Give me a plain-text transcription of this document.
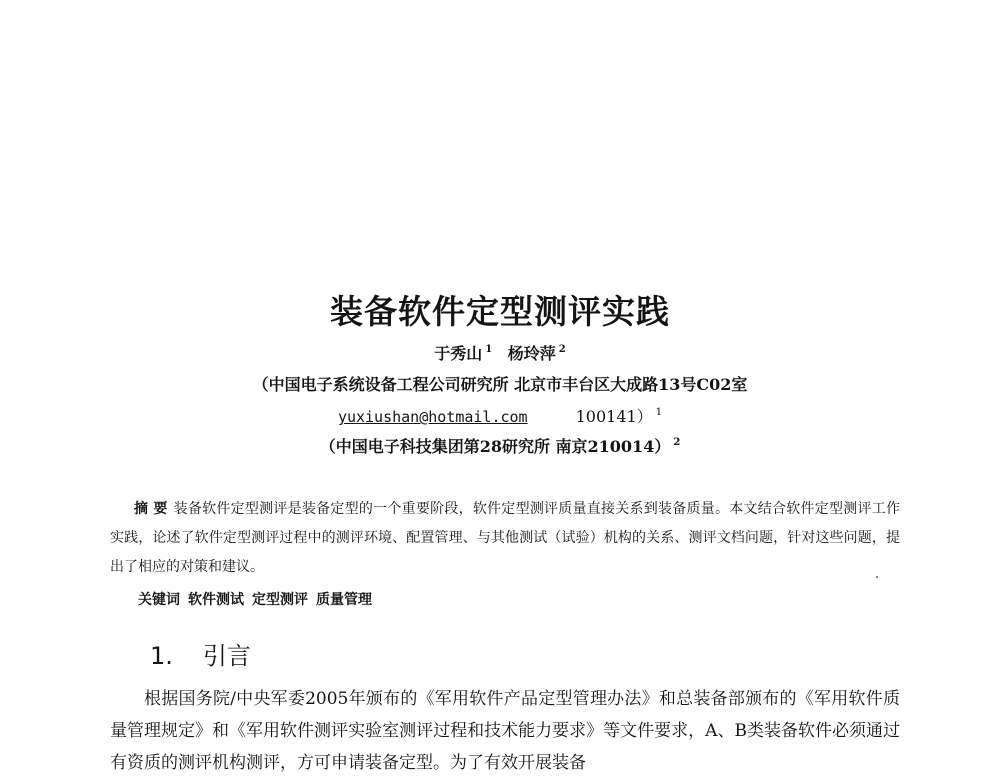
装备软件定型测评实践
于秀山 $^1$ 杨玲萍 $^2$
（中国电子系统设备工程公司研究所 北京市丰台区大成路13号C02室
yuxiushan@hotmail.com	100141） $^1$
（中国电子科技集团第28研究所 南京210014） $^2$
摘 要 装备软件定型测评是装备定型的一个重要阶段，软件定型测评质量直接关系到装备质量。本文结合软件定型测评工作实践，论述了软件定型测评过程中的测评环境、配置管理、与其他测试（试验）机构的关系、测评文档问题，针对这些问题，提出了相应的对策和建议。
关键词 软件测试 定型测评 质量管理
1. 引言
根据国务院/中央军委2005年颁布的《军用软件产品定型管理办法》和总装备部颁布的《军用软件质量管理规定》和《军用软件测评实验室测评过程和技术能力要求》等文件要求，A、B类装备软件必须通过有资质的测评机构测评，方可申请装备定型。为了有效开展装备
